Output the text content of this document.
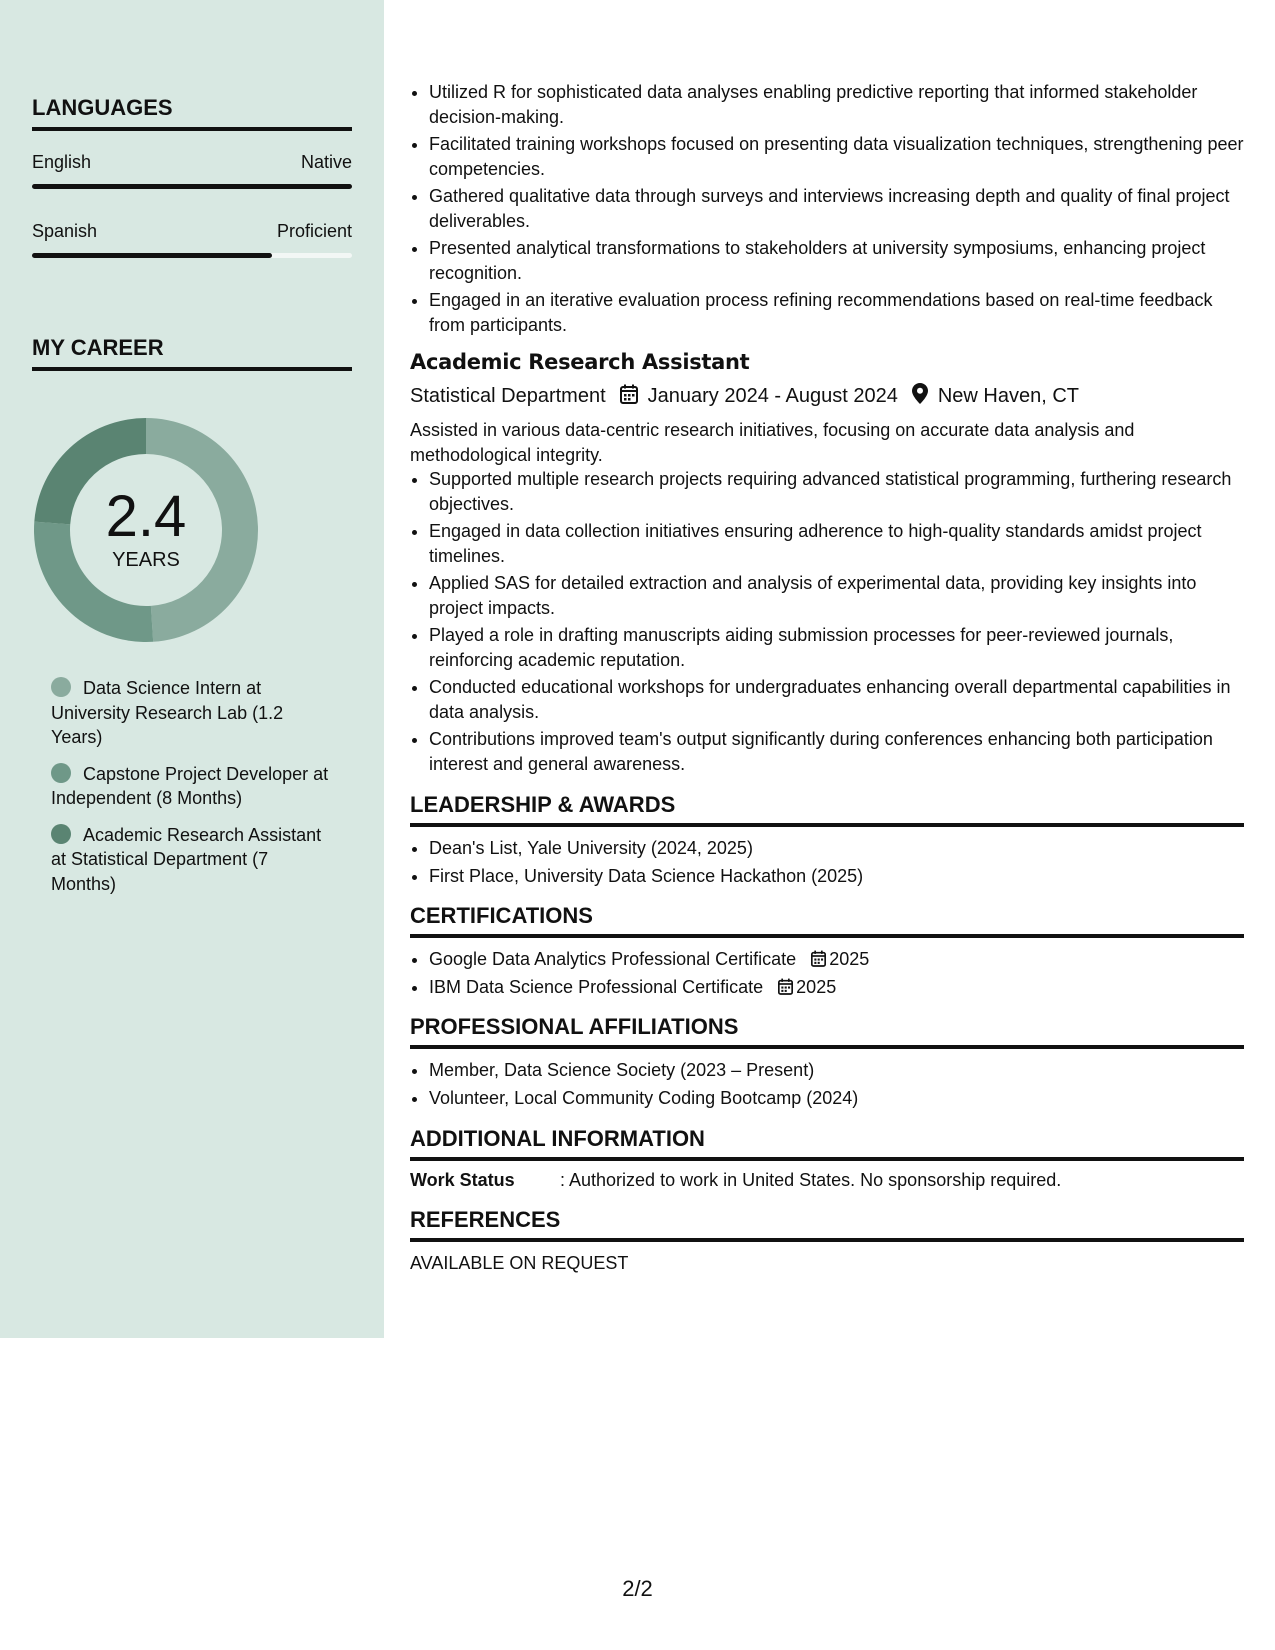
LANGUAGES
English	Native
Spanish	Proficient
MY CAREER
2.4
YEARS
Data Science Intern at University Research Lab (1.2 Years)
Capstone Project Developer at Independent (8 Months)
Academic Research Assistant at Statistical Department (7 Months)
• Utilized R for sophisticated data analyses enabling predictive reporting that informed stakeholder decision-making.
• Facilitated training workshops focused on presenting data visualization techniques, strengthening peer competencies.
• Gathered qualitative data through surveys and interviews increasing depth and quality of final project deliverables.
• Presented analytical transformations to stakeholders at university symposiums, enhancing project recognition.
• Engaged in an iterative evaluation process refining recommendations based on real-time feedback from participants.
Academic Research Assistant
Statistical Department January 2024 - August 2024 New Haven, CT
Assisted in various data-centric research initiatives, focusing on accurate data analysis and methodological integrity.
• Supported multiple research projects requiring advanced statistical programming, furthering research objectives.
• Engaged in data collection initiatives ensuring adherence to high-quality standards amidst project timelines.
• Applied SAS for detailed extraction and analysis of experimental data, providing key insights into project impacts.
• Played a role in drafting manuscripts aiding submission processes for peer-reviewed journals, reinforcing academic reputation.
• Conducted educational workshops for undergraduates enhancing overall departmental capabilities in data analysis.
• Contributions improved team's output significantly during conferences enhancing both participation interest and general awareness.
LEADERSHIP & AWARDS
• Dean's List, Yale University (2024, 2025)
• First Place, University Data Science Hackathon (2025)
CERTIFICATIONS
• Google Data Analytics Professional Certificate 2025
• IBM Data Science Professional Certificate 2025
PROFESSIONAL AFFILIATIONS
• Member, Data Science Society (2023 – Present)
• Volunteer, Local Community Coding Bootcamp (2024)
ADDITIONAL INFORMATION
Work Status	: Authorized to work in United States. No sponsorship required.
REFERENCES
AVAILABLE ON REQUEST
2/2
